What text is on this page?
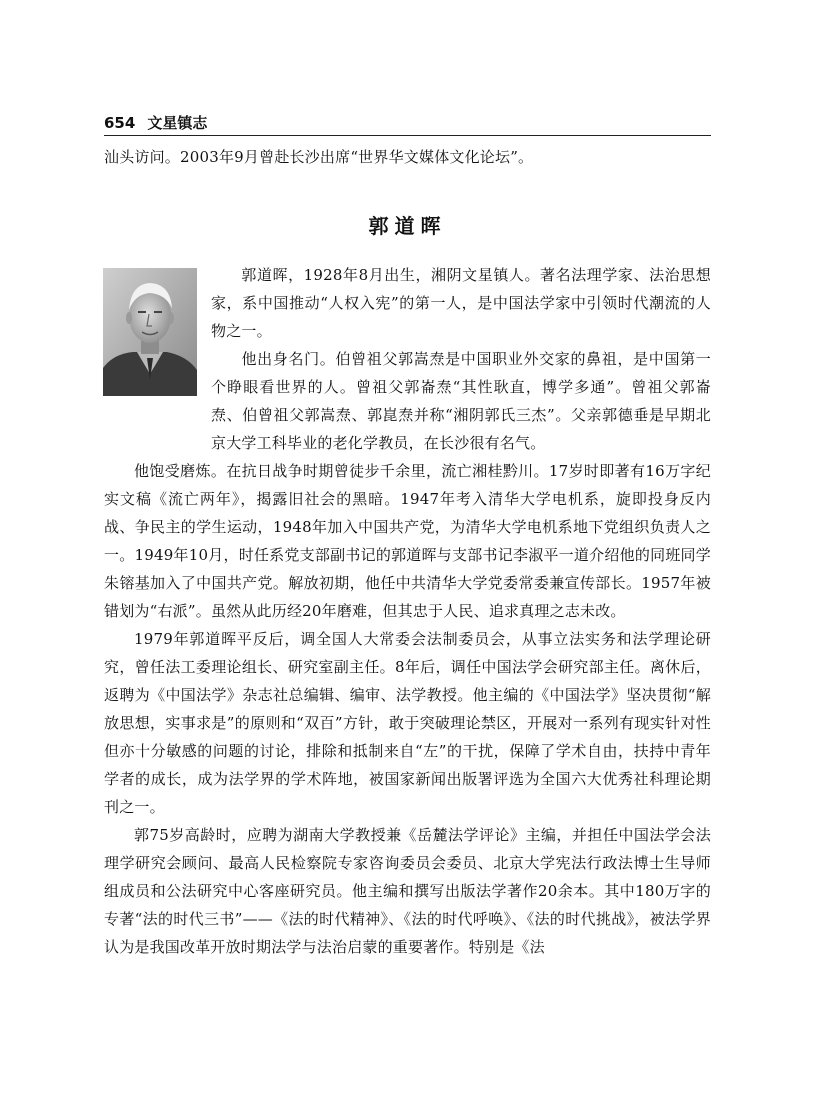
654 文星镇志

汕头访问。2003年9月曾赴长沙出席“世界华文媒体文化论坛”。

郭道晖

郭道晖，1928年8月出生，湘阴文星镇人。著名法理学家、法治思想家，系中国推动“人权入宪”的第一人，是中国法学家中引领时代潮流的人物之一。

他出身名门。伯曾祖父郭嵩焘是中国职业外交家的鼻祖，是中国第一个睁眼看世界的人。曾祖父郭崙焘“其性耿直，博学多通”。曾祖父郭崙焘、伯曾祖父郭嵩焘、郭崑焘并称“湘阴郭氏三杰”。父亲郭德垂是早期北京大学工科毕业的老化学教员，在长沙很有名气。

他饱受磨炼。在抗日战争时期曾徒步千余里，流亡湘桂黔川。17岁时即著有16万字纪实文稿《流亡两年》，揭露旧社会的黑暗。1947年考入清华大学电机系，旋即投身反内战、争民主的学生运动，1948年加入中国共产党，为清华大学电机系地下党组织负责人之一。1949年10月，时任系党支部副书记的郭道晖与支部书记李淑平一道介绍他的同班同学朱镕基加入了中国共产党。解放初期，他任中共清华大学党委常委兼宣传部长。1957年被错划为“右派”。虽然从此历经20年磨难，但其忠于人民、追求真理之志未改。

1979年郭道晖平反后，调全国人大常委会法制委员会，从事立法实务和法学理论研究，曾任法工委理论组长、研究室副主任。8年后，调任中国法学会研究部主任。离休后，返聘为《中国法学》杂志社总编辑、编审、法学教授。他主编的《中国法学》坚决贯彻“解放思想，实事求是”的原则和“双百”方针，敢于突破理论禁区，开展对一系列有现实针对性但亦十分敏感的问题的讨论，排除和抵制来自“左”的干扰，保障了学术自由，扶持中青年学者的成长，成为法学界的学术阵地，被国家新闻出版署评选为全国六大优秀社科理论期刊之一。

郭75岁高龄时，应聘为湖南大学教授兼《岳麓法学评论》主编，并担任中国法学会法理学研究会顾问、最高人民检察院专家咨询委员会委员、北京大学宪法行政法博士生导师组成员和公法研究中心客座研究员。他主编和撰写出版法学著作20余本。其中180万字的专著“法的时代三书”——《法的时代精神》、《法的时代呼唤》、《法的时代挑战》，被法学界认为是我国改革开放时期法学与法治启蒙的重要著作。特别是《法
